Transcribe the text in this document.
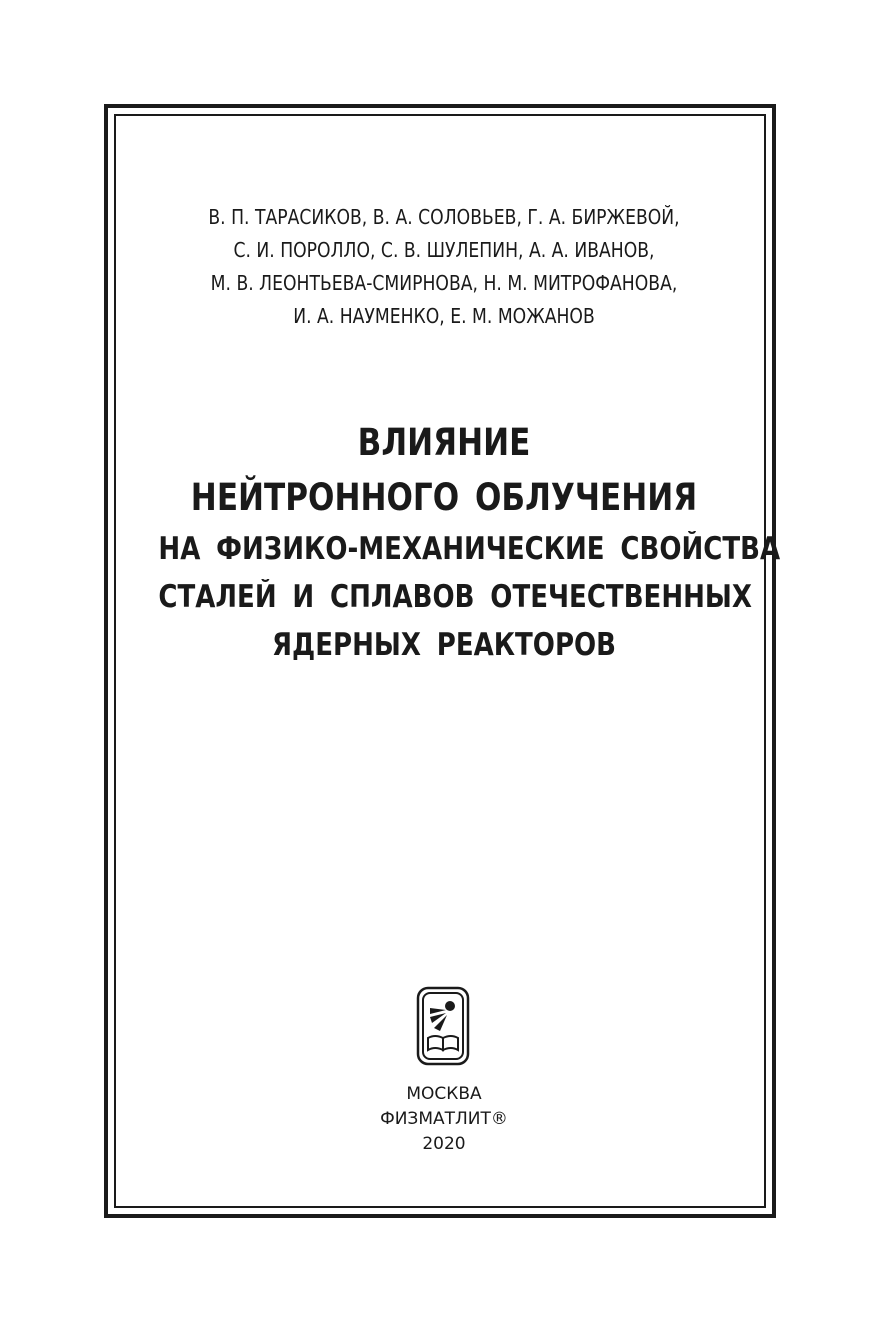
В. П. ТАРАСИКОВ, В. А. СОЛОВЬЕВ, Г. А. БИРЖЕВОЙ,
С. И. ПОРОЛЛО, С. В. ШУЛЕПИН, А. А. ИВАНОВ,
М. В. ЛЕОНТЬЕВА-СМИРНОВА, Н. М. МИТРОФАНОВА,
И. А. НАУМЕНКО, Е. М. МОЖАНОВ
ВЛИЯНИЕ
НЕЙТРОННОГО ОБЛУЧЕНИЯ
НА ФИЗИКО-МЕХАНИЧЕСКИЕ СВОЙСТВА
СТАЛЕЙ И СПЛАВОВ ОТЕЧЕСТВЕННЫХ
ЯДЕРНЫХ РЕАКТОРОВ
МОСКВА
ФИЗМАТЛИТ®
2020
